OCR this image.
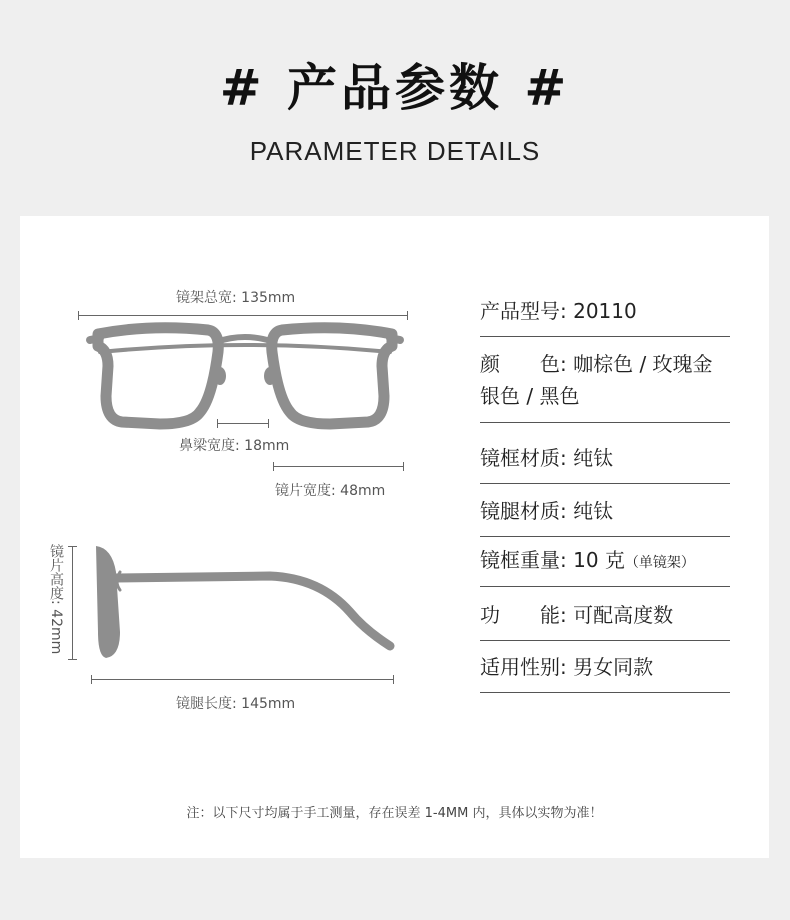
# 产品参数 #
PARAMETER DETAILS
镜架总宽: 135mm
鼻梁宽度: 18mm
镜片宽度: 48mm
镜片高度: 42mm
镜腿长度: 145mm
产品型号: 20110
颜　　色: 咖棕色 / 玫瑰金
银色 / 黑色
镜框材质: 纯钛
镜腿材质: 纯钛
镜框重量: 10 克（单镜架）
功　　能: 可配高度数
适用性别: 男女同款
注：以下尺寸均属于手工测量，存在误差 1-4MM 内，具体以实物为准！
